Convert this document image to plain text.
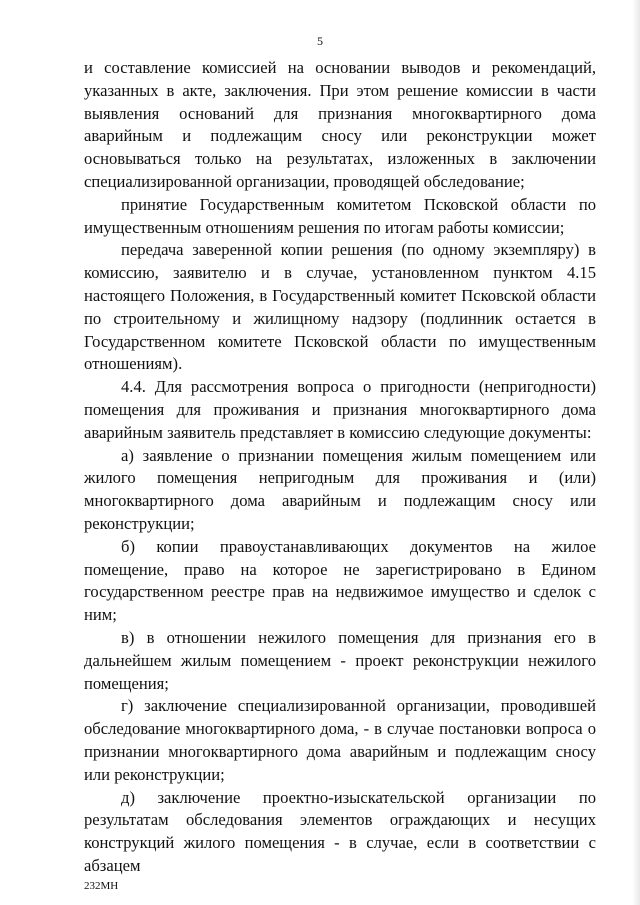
5

и составление комиссией на основании выводов и рекомендаций, указанных в акте, заключения. При этом решение комиссии в части выявления оснований для признания многоквартирного дома аварийным и подлежащим сносу или реконструкции может основываться только на результатах, изложенных в заключении специализированной организации, проводящей обследование;

принятие Государственным комитетом Псковской области по имущественным отношениям решения по итогам работы комиссии;

передача заверенной копии решения (по одному экземпляру) в комиссию, заявителю и в случае, установленном пунктом 4.15 настоящего Положения, в Государственный комитет Псковской области по строительному и жилищному надзору (подлинник остается в Государственном комитете Псковской области по имущественным отношениям).

4.4. Для рассмотрения вопроса о пригодности (непригодности) помещения для проживания и признания многоквартирного дома аварийным заявитель представляет в комиссию следующие документы:

а) заявление о признании помещения жилым помещением или жилого помещения непригодным для проживания и (или) многоквартирного дома аварийным и подлежащим сносу или реконструкции;

б) копии правоустанавливающих документов на жилое помещение, право на которое не зарегистрировано в Едином государственном реестре прав на недвижимое имущество и сделок с ним;

в) в отношении нежилого помещения для признания его в дальнейшем жилым помещением - проект реконструкции нежилого помещения;

г) заключение специализированной организации, проводившей обследование многоквартирного дома, - в случае постановки вопроса о признании многоквартирного дома аварийным и подлежащим сносу или реконструкции;

д) заключение проектно-изыскательской организации по результатам обследования элементов ограждающих и несущих конструкций жилого помещения - в случае, если в соответствии с абзацем

232МН
